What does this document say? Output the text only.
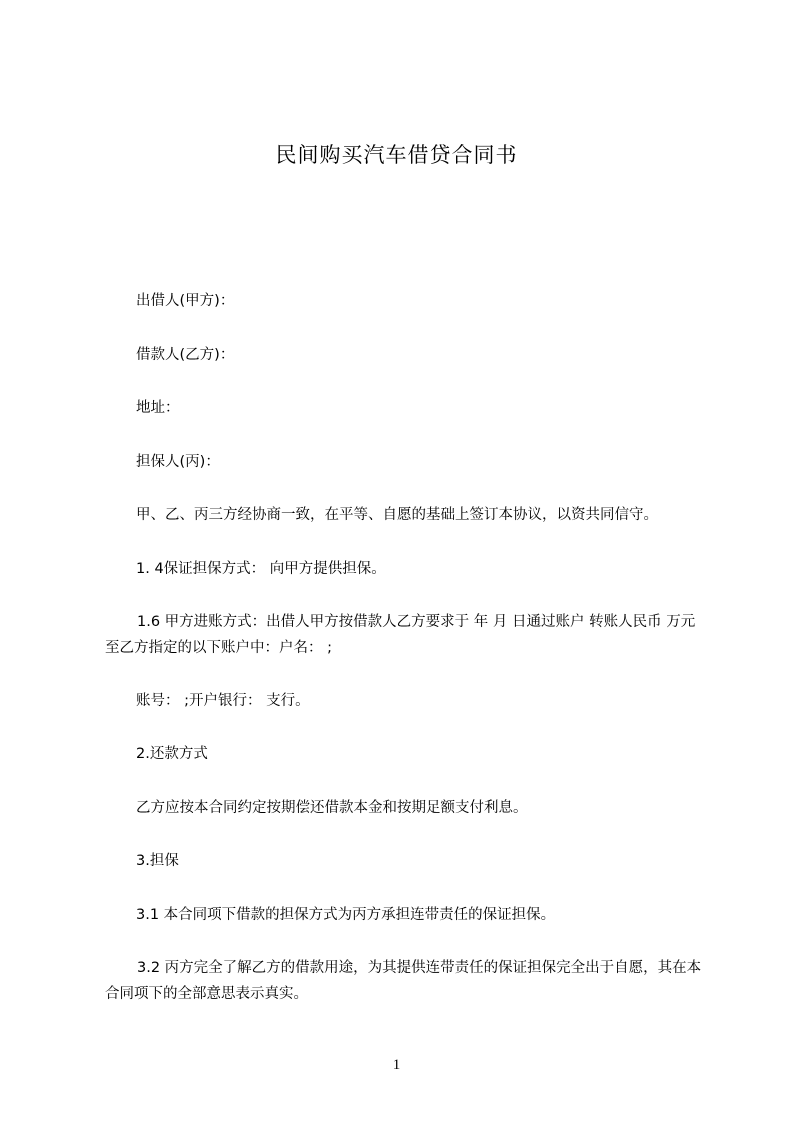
民间购买汽车借贷合同书

出借人(甲方)：

借款人(乙方)：

地址：

担保人(丙)：

甲、乙、丙三方经协商一致，在平等、自愿的基础上签订本协议，以资共同信守。

1. 4保证担保方式： 向甲方提供担保。

1.6 甲方进账方式：出借人甲方按借款人乙方要求于 年 月 日通过账户 转账人民币 万元至乙方指定的以下账户中：户名： ;

账号： ;开户银行： 支行。

2.还款方式

乙方应按本合同约定按期偿还借款本金和按期足额支付利息。

3.担保

3.1 本合同项下借款的担保方式为丙方承担连带责任的保证担保。

3.2 丙方完全了解乙方的借款用途，为其提供连带责任的保证担保完全出于自愿，其在本合同项下的全部意思表示真实。

1
